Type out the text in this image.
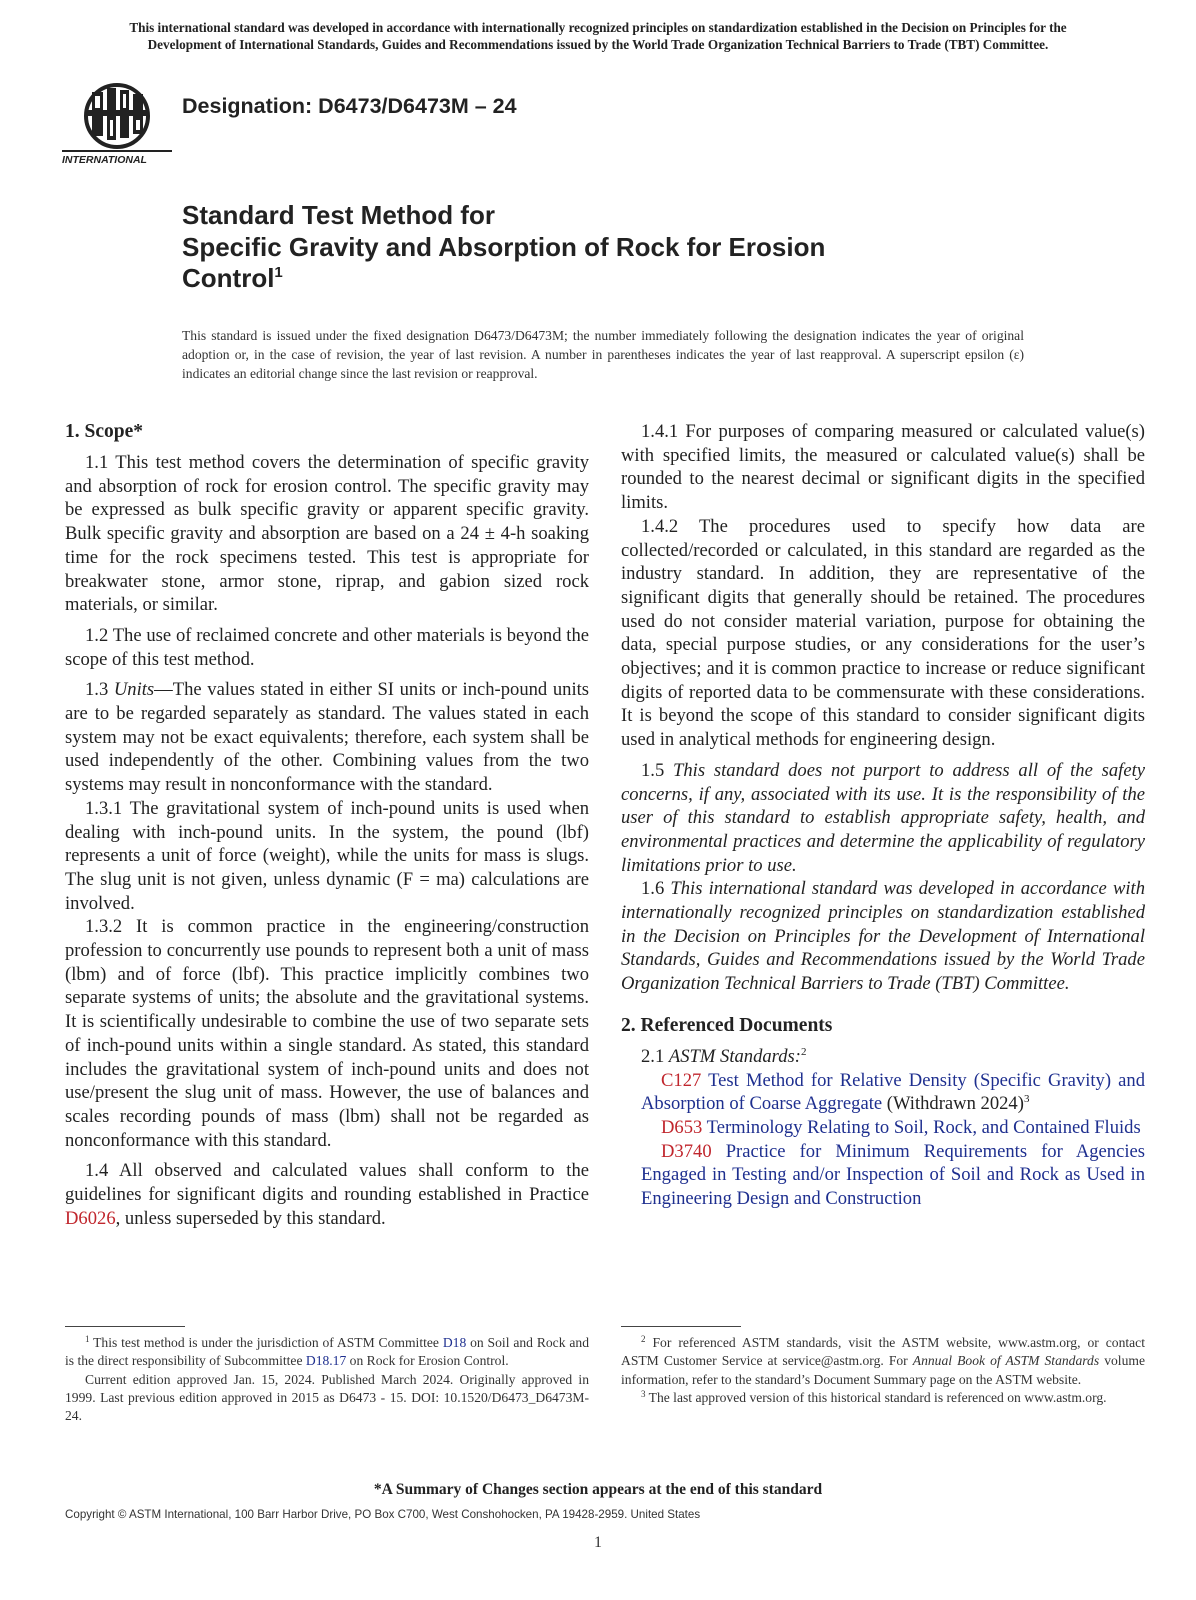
This international standard was developed in accordance with internationally recognized principles on standardization established in the Decision on Principles for the
Development of International Standards, Guides and Recommendations issued by the World Trade Organization Technical Barriers to Trade (TBT) Committee.
INTERNATIONAL
Designation: D6473/D6473M – 24
Standard Test Method for
Specific Gravity and Absorption of Rock for Erosion
Control$^1$
This standard is issued under the fixed designation D6473/D6473M; the number immediately following the designation indicates the year of original adoption or, in the case of revision, the year of last revision. A number in parentheses indicates the year of last reapproval. A superscript epsilon (ε) indicates an editorial change since the last revision or reapproval.
1. Scope*

1.1 This test method covers the determination of specific gravity and absorption of rock for erosion control. The specific gravity may be expressed as bulk specific gravity or apparent specific gravity. Bulk specific gravity and absorption are based on a 24 ± 4-h soaking time for the rock specimens tested. This test is appropriate for breakwater stone, armor stone, riprap, and gabion sized rock materials, or similar.

1.2 The use of reclaimed concrete and other materials is beyond the scope of this test method.

1.3 Units—The values stated in either SI units or inch-pound units are to be regarded separately as standard. The values stated in each system may not be exact equivalents; therefore, each system shall be used independently of the other. Combining values from the two systems may result in nonconformance with the standard.

1.3.1 The gravitational system of inch-pound units is used when dealing with inch-pound units. In the system, the pound (lbf) represents a unit of force (weight), while the units for mass is slugs. The slug unit is not given, unless dynamic (F = ma) calculations are involved.

1.3.2 It is common practice in the engineering/construction profession to concurrently use pounds to represent both a unit of mass (lbm) and of force (lbf). This practice implicitly combines two separate systems of units; the absolute and the gravitational systems. It is scientifically undesirable to combine the use of two separate sets of inch-pound units within a single standard. As stated, this standard includes the gravitational system of inch-pound units and does not use/present the slug unit of mass. However, the use of balances and scales recording pounds of mass (lbm) shall not be regarded as nonconformance with this standard.

1.4 All observed and calculated values shall conform to the guidelines for significant digits and rounding established in Practice D6026, unless superseded by this standard.

1.4.1 For purposes of comparing measured or calculated value(s) with specified limits, the measured or calculated value(s) shall be rounded to the nearest decimal or significant digits in the specified limits.

1.4.2 The procedures used to specify how data are collected/recorded or calculated, in this standard are regarded as the industry standard. In addition, they are representative of the significant digits that generally should be retained. The procedures used do not consider material variation, purpose for obtaining the data, special purpose studies, or any considerations for the user’s objectives; and it is common practice to increase or reduce significant digits of reported data to be commensurate with these considerations. It is beyond the scope of this standard to consider significant digits used in analytical methods for engineering design.

1.5 This standard does not purport to address all of the safety concerns, if any, associated with its use. It is the responsibility of the user of this standard to establish appropriate safety, health, and environmental practices and determine the applicability of regulatory limitations prior to use.

1.6 This international standard was developed in accordance with internationally recognized principles on standardization established in the Decision on Principles for the Development of International Standards, Guides and Recommendations issued by the World Trade Organization Technical Barriers to Trade (TBT) Committee.

2. Referenced Documents

2.1 ASTM Standards:$^2$

C127 Test Method for Relative Density (Specific Gravity) and Absorption of Coarse Aggregate (Withdrawn 2024)$^3$

D653 Terminology Relating to Soil, Rock, and Contained Fluids

D3740 Practice for Minimum Requirements for Agencies Engaged in Testing and/or Inspection of Soil and Rock as Used in Engineering Design and Construction

$^1$ This test method is under the jurisdiction of ASTM Committee D18 on Soil and Rock and is the direct responsibility of Subcommittee D18.17 on Rock for Erosion Control.

Current edition approved Jan. 15, 2024. Published March 2024. Originally approved in 1999. Last previous edition approved in 2015 as D6473 - 15. DOI: 10.1520/D6473_D6473M-24.

$^2$ For referenced ASTM standards, visit the ASTM website, www.astm.org, or contact ASTM Customer Service at service@astm.org. For Annual Book of ASTM Standards volume information, refer to the standard’s Document Summary page on the ASTM website.

$^3$ The last approved version of this historical standard is referenced on www.astm.org.

*A Summary of Changes section appears at the end of this standard
Copyright © ASTM International, 100 Barr Harbor Drive, PO Box C700, West Conshohocken, PA 19428-2959. United States
1
